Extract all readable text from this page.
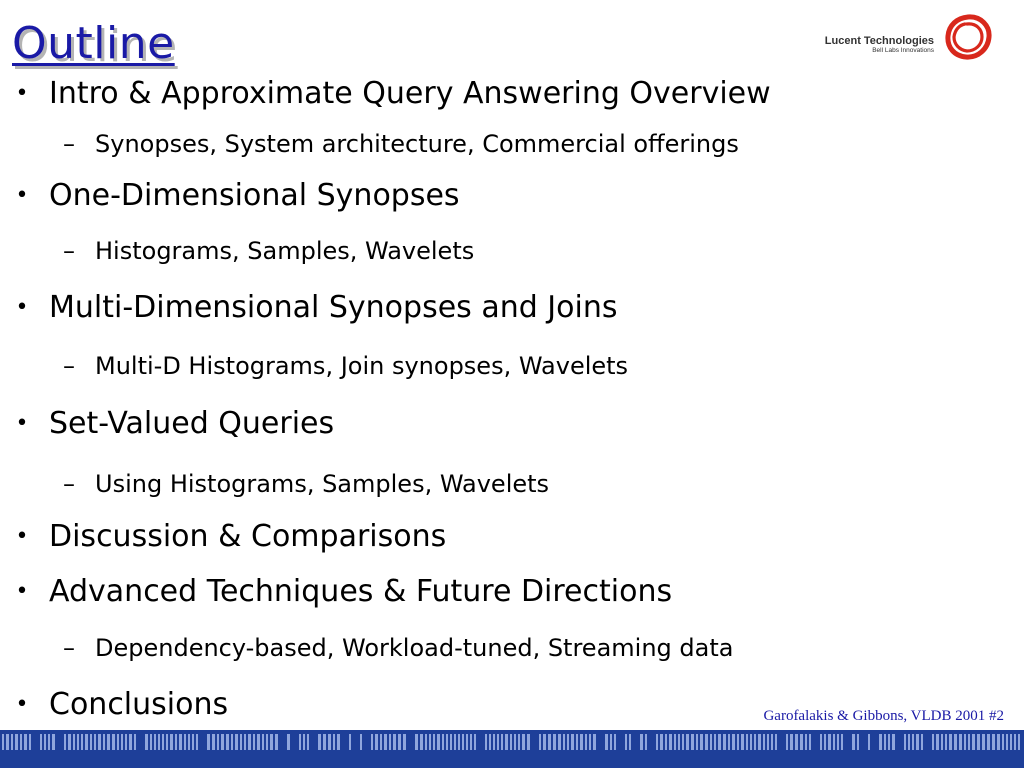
Outline	Lucent Technologies
Bell Labs Innovations
• Intro & Approximate Query Answering Overview
– Synopses, System architecture, Commercial offerings
• One-Dimensional Synopses
– Histograms, Samples, Wavelets
• Multi-Dimensional Synopses and Joins
– Multi-D Histograms, Join synopses, Wavelets
• Set-Valued Queries
– Using Histograms, Samples, Wavelets
• Discussion & Comparisons
• Advanced Techniques & Future Directions
– Dependency-based, Workload-tuned, Streaming data
• Conclusions	Garofalakis & Gibbons, VLDB 2001 #2
